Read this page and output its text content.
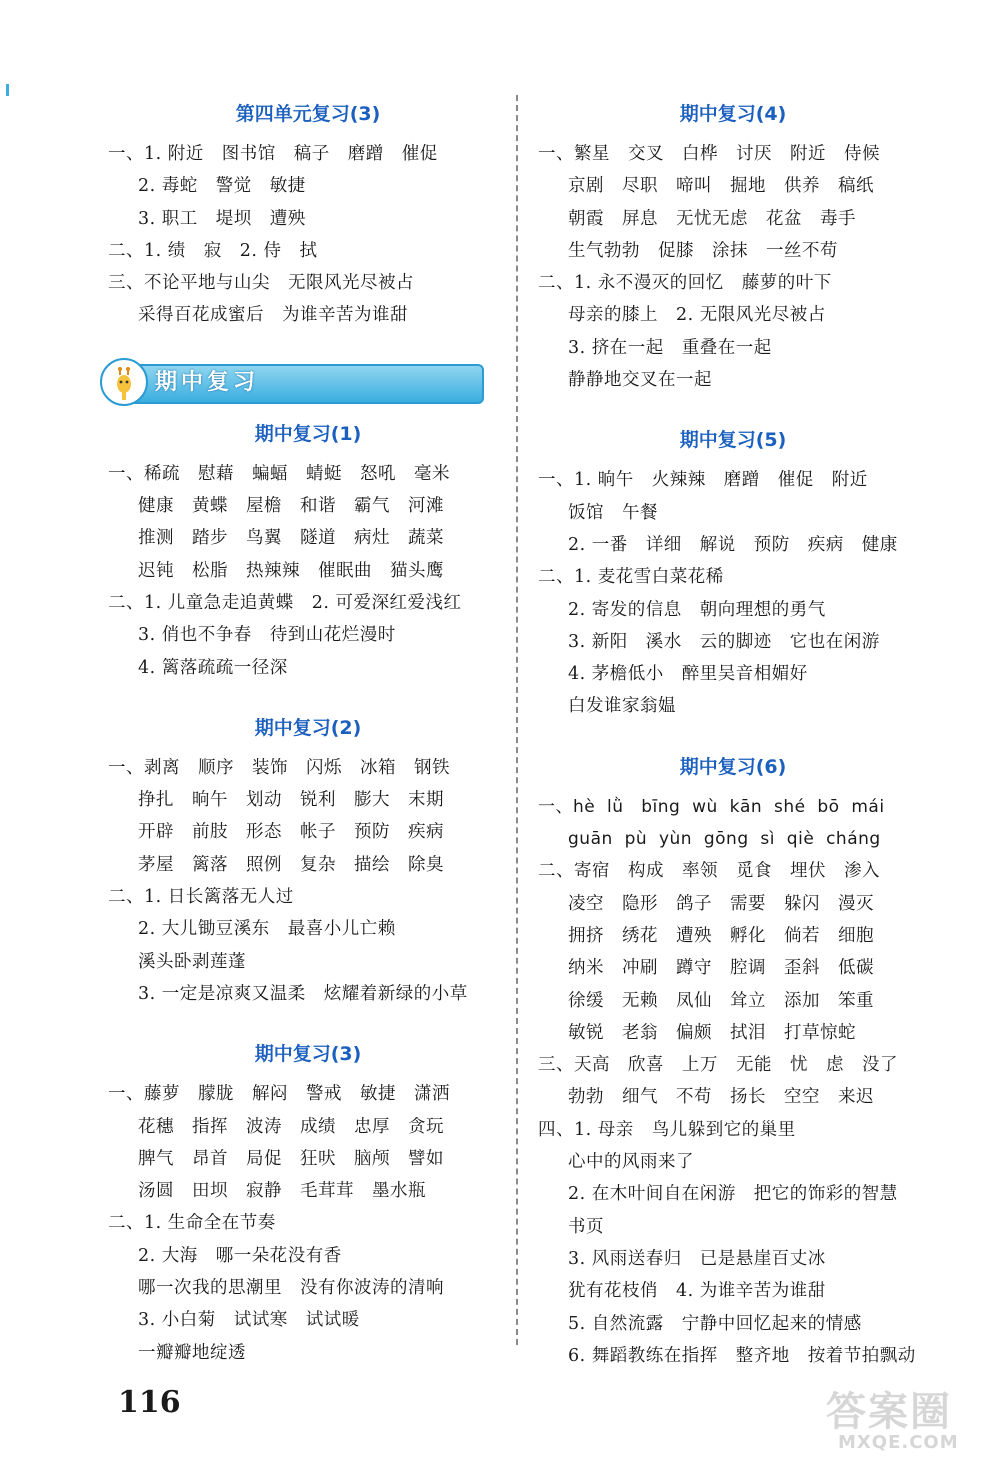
第四单元复习(3)
一、1. 附近　图书馆　稿子　磨蹭　催促
2. 毒蛇　警觉　敏捷
3. 职工　堤坝　遭殃
二、1. 绩　寂　2. 侍　拭
三、不论平地与山尖　无限风光尽被占
采得百花成蜜后　为谁辛苦为谁甜
期中复习
期中复习(1)
一、稀疏　慰藉　蝙蝠　蜻蜓　怒吼　毫米
健康　黄蝶　屋檐　和谐　霸气　河滩
推测　踏步　鸟翼　隧道　病灶　蔬菜
迟钝　松脂　热辣辣　催眠曲　猫头鹰
二、1. 儿童急走追黄蝶　2. 可爱深红爱浅红
3. 俏也不争春　待到山花烂漫时
4. 篱落疏疏一径深
期中复习(2)
一、剥离　顺序　装饰　闪烁　冰箱　钢铁
挣扎　晌午　划动　锐利　膨大　末期
开辟　前肢　形态　帐子　预防　疾病
茅屋　篱落　照例　复杂　描绘　除臭
二、1. 日长篱落无人过
2. 大儿锄豆溪东　最喜小儿亡赖
溪头卧剥莲蓬
3. 一定是凉爽又温柔　炫耀着新绿的小草
期中复习(3)
一、藤萝　朦胧　解闷　警戒　敏捷　潇洒
花穗　指挥　波涛　成绩　忠厚　贪玩
脾气　昂首　局促　狂吠　脑颅　譬如
汤圆　田坝　寂静　毛茸茸　墨水瓶
二、1. 生命全在节奏
2. 大海　哪一朵花没有香
哪一次我的思潮里　没有你波涛的清响
3. 小白菊　试试寒　试试暖
一瓣瓣地绽透
期中复习(4)
一、繁星　交叉　白桦　讨厌　附近　侍候
京剧　尽职　啼叫　掘地　供养　稿纸
朝霞　屏息　无忧无虑　花盆　毒手
生气勃勃　促膝　涂抹　一丝不苟
二、1. 永不漫灭的回忆　藤萝的叶下
母亲的膝上　2. 无限风光尽被占
3. 挤在一起　重叠在一起
静静地交叉在一起
期中复习(5)
一、1. 晌午　火辣辣　磨蹭　催促　附近
饭馆　午餐
2. 一番　详细　解说　预防　疾病　健康
二、1. 麦花雪白菜花稀
2. 寄发的信息　朝向理想的勇气
3. 新阳　溪水　云的脚迹　它也在闲游
4. 茅檐低小　醉里吴音相媚好
白发谁家翁媪
期中复习(6)
一、hè  lǜ   bīng  wù  kān  shé  bō  mái
guān  pù  yùn  gōng  sì  qiè  cháng
二、寄宿　构成　率领　觅食　埋伏　渗入
凌空　隐形　鸽子　需要　躲闪　漫灭
拥挤　绣花　遭殃　孵化　倘若　细胞
纳米　冲刷　蹲守　腔调　歪斜　低碳
徐缓　无赖　凤仙　耸立　添加　笨重
敏锐　老翁　偏颇　拭泪　打草惊蛇
三、天高　欣喜　上万　无能　忧　虑　没了
勃勃　细气　不苟　扬长　空空　来迟
四、1. 母亲　鸟儿躲到它的巢里
心中的风雨来了
2. 在木叶间自在闲游　把它的饰彩的智慧
书页
3. 风雨送春归　已是悬崖百丈冰
犹有花枝俏　4. 为谁辛苦为谁甜
5. 自然流露　宁静中回忆起来的情感
6. 舞蹈教练在指挥　整齐地　按着节拍飘动
116	答案圈
MXQE.COM
